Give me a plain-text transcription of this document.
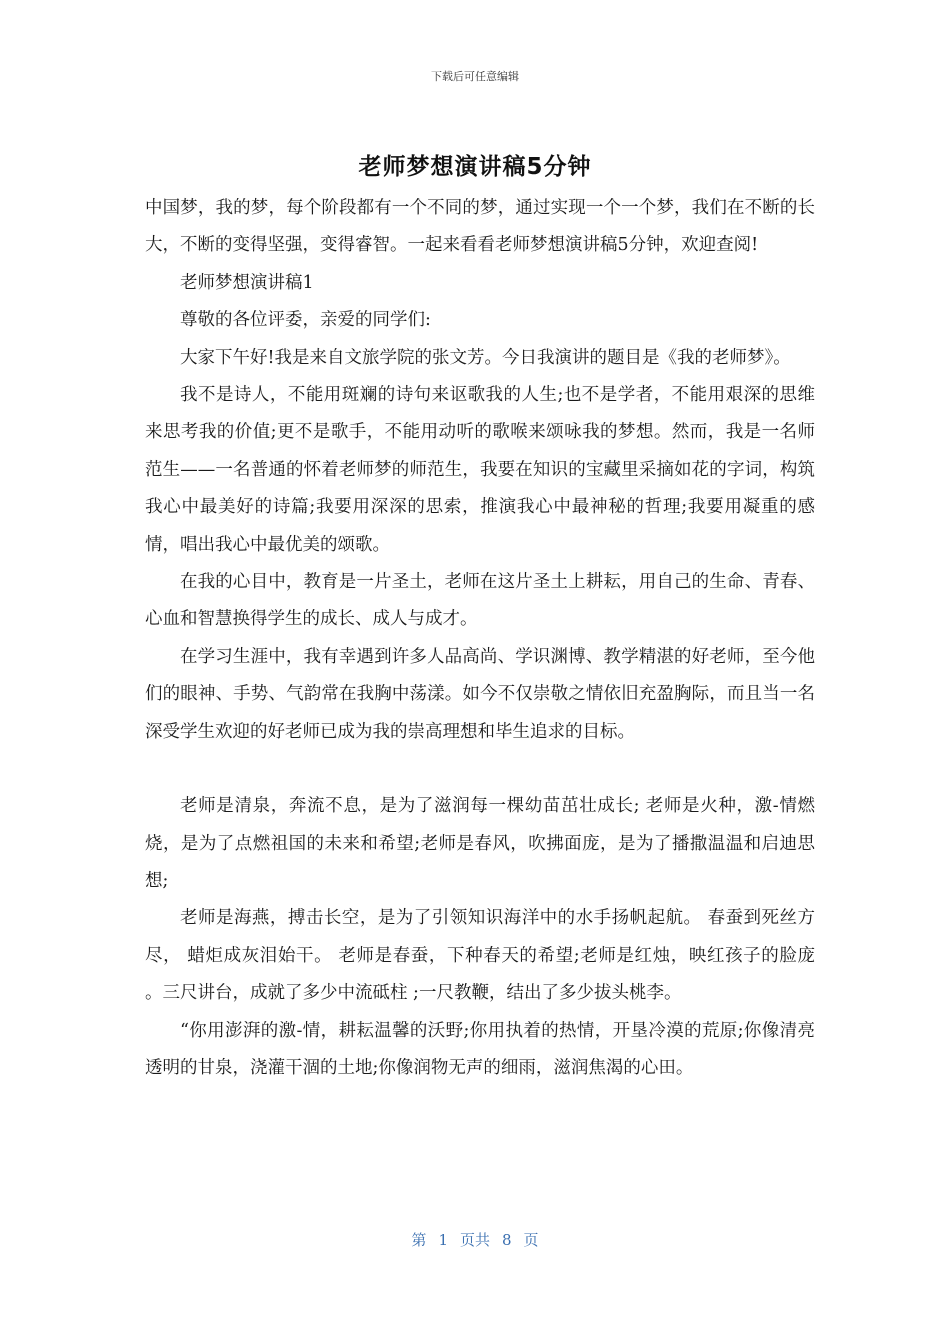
下载后可任意编辑
老师梦想演讲稿5分钟

中国梦，我的梦，每个阶段都有一个不同的梦，通过实现一个一个梦，我们在不断的长大，不断的变得坚强，变得睿智。一起来看看老师梦想演讲稿5分钟，欢迎查阅!

老师梦想演讲稿1

尊敬的各位评委，亲爱的同学们:

大家下午好!我是来自文旅学院的张文芳。今日我演讲的题目是《我的老师梦》。

我不是诗人，不能用斑斓的诗句来讴歌我的人生;也不是学者，不能用艰深的思维来思考我的价值;更不是歌手，不能用动听的歌喉来颂咏我的梦想。然而，我是一名师范生——一名普通的怀着老师梦的师范生，我要在知识的宝藏里采摘如花的字词，构筑我心中最美好的诗篇;我要用深深的思索，推演我心中最神秘的哲理;我要用凝重的感情，唱出我心中最优美的颂歌。

在我的心目中，教育是一片圣土，老师在这片圣土上耕耘，用自己的生命、青春、心血和智慧换得学生的成长、成人与成才。

在学习生涯中，我有幸遇到许多人品高尚、学识渊博、教学精湛的好老师，至今他们的眼神、手势、气韵常在我胸中荡漾。如今不仅崇敬之情依旧充盈胸际，而且当一名深受学生欢迎的好老师已成为我的崇高理想和毕生追求的目标。

老师是清泉，奔流不息，是为了滋润每一棵幼苗茁壮成长; 老师是火种，激-情燃烧，是为了点燃祖国的未来和希望;老师是春风，吹拂面庞，是为了播撒温温和启迪思想;

老师是海燕，搏击长空，是为了引领知识海洋中的水手扬帆起航。 春蚕到死丝方尽， 蜡炬成灰泪始干。 老师是春蚕，下种春天的希望;老师是红烛，映红孩子的脸庞 。三尺讲台，成就了多少中流砥柱 ;一尺教鞭，结出了多少拔头桃李。

“你用澎湃的激-情，耕耘温馨的沃野;你用执着的热情，开垦冷漠的荒原;你像清亮透明的甘泉，浇灌干涸的土地;你像润物无声的细雨，滋润焦渴的心田。

第 1 页共 8 页
